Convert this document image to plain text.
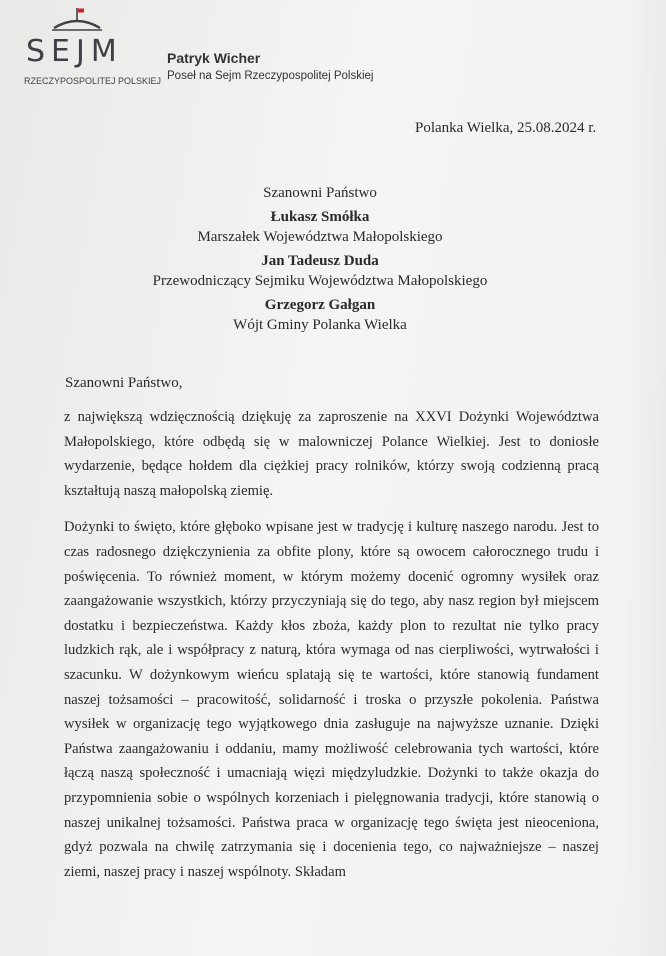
SEJM
RZECZYPOSPOLITEJ POLSKIEJ
Patryk Wicher
Poseł na Sejm Rzeczypospolitej Polskiej
Polanka Wielka, 25.08.2024 r.
Szanowni Państwo
Łukasz Smółka
Marszałek Województwa Małopolskiego
Jan Tadeusz Duda
Przewodniczący Sejmiku Województwa Małopolskiego
Grzegorz Gałgan
Wójt Gminy Polanka Wielka
Szanowni Państwo,

z największą wdzięcznością dziękuję za zaproszenie na XXVI Dożynki Województwa Małopolskiego, które odbędą się w malowniczej Polance Wielkiej. Jest to doniosłe wydarzenie, będące hołdem dla ciężkiej pracy rolników, którzy swoją codzienną pracą kształtują naszą małopolską ziemię.

Dożynki to święto, które głęboko wpisane jest w tradycję i kulturę naszego narodu. Jest to czas radosnego dziękczynienia za obfite plony, które są owocem całorocznego trudu i poświęcenia. To również moment, w którym możemy docenić ogromny wysiłek oraz zaangażowanie wszystkich, którzy przyczyniają się do tego, aby nasz region był miejscem dostatku i bezpieczeństwa. Każdy kłos zboża, każdy plon to rezultat nie tylko pracy ludzkich rąk, ale i współpracy z naturą, która wymaga od nas cierpliwości, wytrwałości i szacunku. W dożynkowym wieńcu splatają się te wartości, które stanowią fundament naszej tożsamości – pracowitość, solidarność i troska o przyszłe pokolenia. Państwa wysiłek w organizację tego wyjątkowego dnia zasługuje na najwyższe uznanie. Dzięki Państwa zaangażowaniu i oddaniu, mamy możliwość celebrowania tych wartości, które łączą naszą społeczność i umacniają więzi międzyludzkie. Dożynki to także okazja do przypomnienia sobie o wspólnych korzeniach i pielęgnowania tradycji, które stanowią o naszej unikalnej tożsamości. Państwa praca w organizację tego święta jest nieoceniona, gdyż pozwala na chwilę zatrzymania się i docenienia tego, co najważniejsze – naszej ziemi, naszej pracy i naszej wspólnoty. Składam
